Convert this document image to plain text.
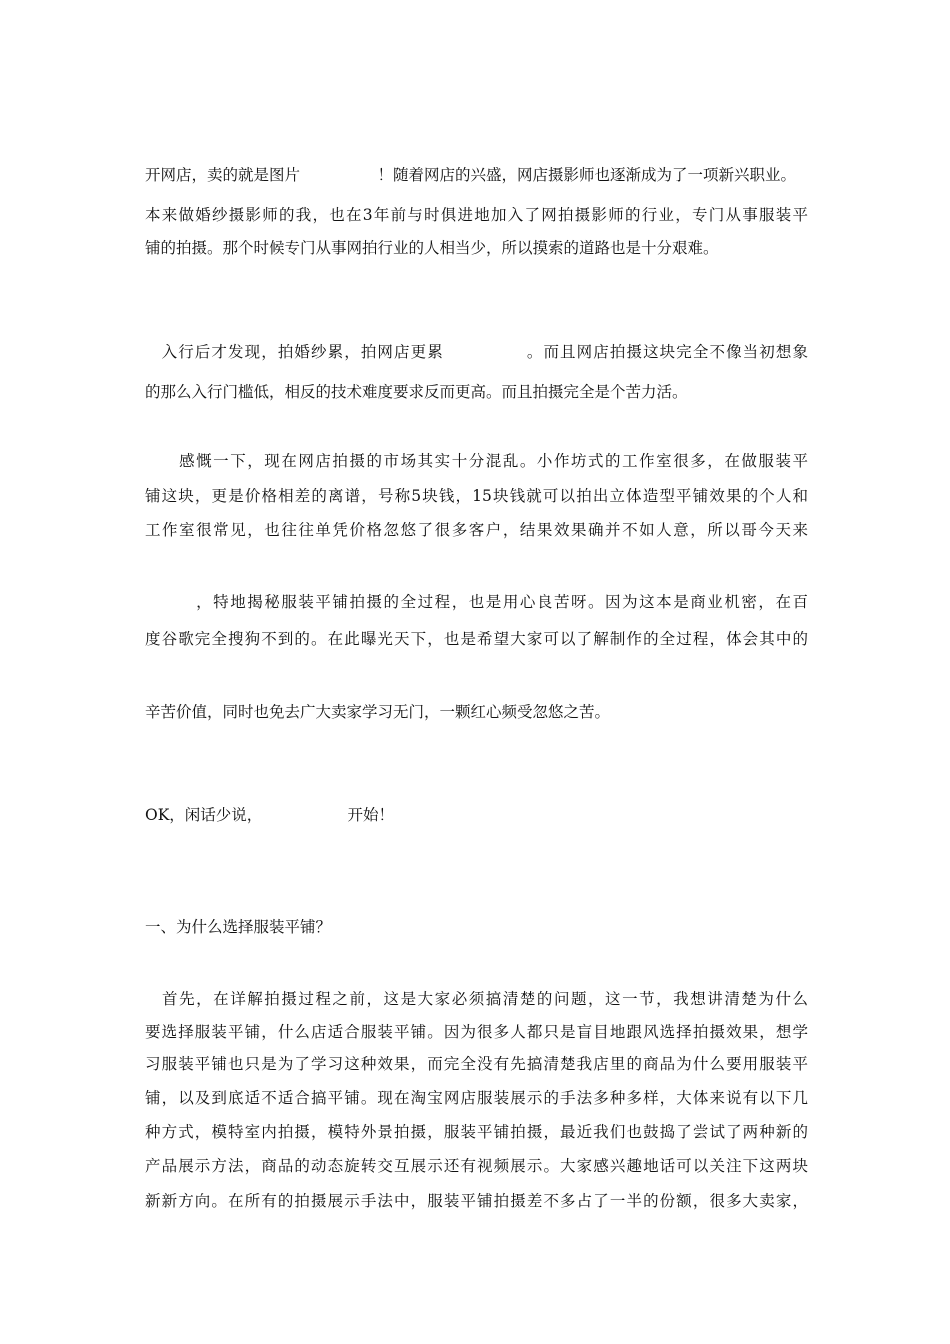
开网店，卖的就是图片　　　　　！随着网店的兴盛，网店摄影师也逐渐成为了一项新兴职业。
本来做婚纱摄影师的我，也在3年前与时俱进地加入了网拍摄影师的行业，专门从事服装平
铺的拍摄。那个时候专门从事网拍行业的人相当少，所以摸索的道路也是十分艰难。
　入行后才发现，拍婚纱累，拍网店更累　　　　　。而且网店拍摄这块完全不像当初想象
的那么入行门槛低，相反的技术难度要求反而更高。而且拍摄完全是个苦力活。
　　感慨一下，现在网店拍摄的市场其实十分混乱。小作坊式的工作室很多，在做服装平
铺这块，更是价格相差的离谱，号称5块钱，15块钱就可以拍出立体造型平铺效果的个人和
工作室很常见，也往往单凭价格忽悠了很多客户，结果效果确并不如人意，所以哥今天来
　　　，特地揭秘服装平铺拍摄的全过程，也是用心良苦呀。因为这本是商业机密，在百
度谷歌完全搜狗不到的。在此曝光天下，也是希望大家可以了解制作的全过程，体会其中的
辛苦价值，同时也免去广大卖家学习无门，一颗红心频受忽悠之苦。
OK，闲话少说，　　　　　　开始！
一、为什么选择服装平铺？
　首先，在详解拍摄过程之前，这是大家必须搞清楚的问题，这一节，我想讲清楚为什么
要选择服装平铺，什么店适合服装平铺。因为很多人都只是盲目地跟风选择拍摄效果，想学
习服装平铺也只是为了学习这种效果，而完全没有先搞清楚我店里的商品为什么要用服装平
铺，以及到底适不适合搞平铺。现在淘宝网店服装展示的手法多种多样，大体来说有以下几
种方式，模特室内拍摄，模特外景拍摄，服装平铺拍摄，最近我们也鼓捣了尝试了两种新的
产品展示方法，商品的动态旋转交互展示还有视频展示。大家感兴趣地话可以关注下这两块
新新方向。在所有的拍摄展示手法中，服装平铺拍摄差不多占了一半的份额，很多大卖家，
